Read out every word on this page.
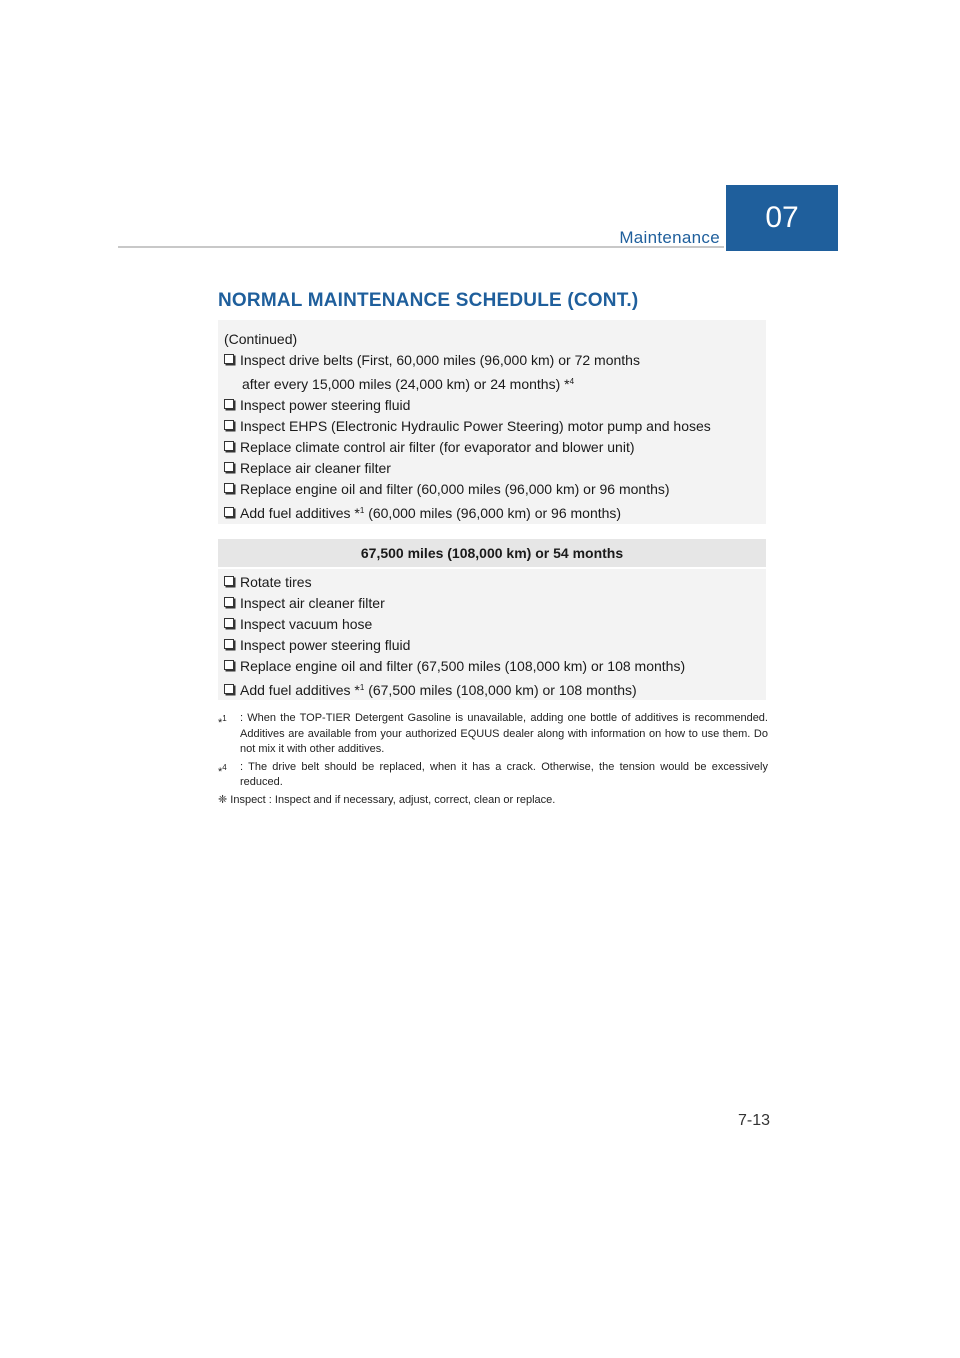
Maintenance
07
NORMAL MAINTENANCE SCHEDULE (CONT.)
(Continued)
Inspect drive belts (First, 60,000 miles (96,000 km) or 72 months
after every 15,000 miles (24,000 km) or 24 months) *$^4$
Inspect power steering fluid
Inspect EHPS (Electronic Hydraulic Power Steering) motor pump and hoses
Replace climate control air filter (for evaporator and blower unit)
Replace air cleaner filter
Replace engine oil and filter (60,000 miles (96,000 km) or 96 months)
Add fuel additives *$^1$ (60,000 miles (96,000 km) or 96 months)
67,500 miles (108,000 km) or 54 months
Rotate tires
Inspect air cleaner filter
Inspect vacuum hose
Inspect power steering fluid
Replace engine oil and filter (67,500 miles (108,000 km) or 108 months)
Add fuel additives *$^1$ (67,500 miles (108,000 km) or 108 months)
*$^1$	: When the TOP-TIER Detergent Gasoline is unavailable, adding one bottle of additives is recommended. Additives are available from your authorized EQUUS dealer along with information on how to use them. Do not mix it with other additives.
*$^4$	: The drive belt should be replaced, when it has a crack. Otherwise, the tension would be excessively reduced.
❈ Inspect : Inspect and if necessary, adjust, correct, clean or replace.
7-13
